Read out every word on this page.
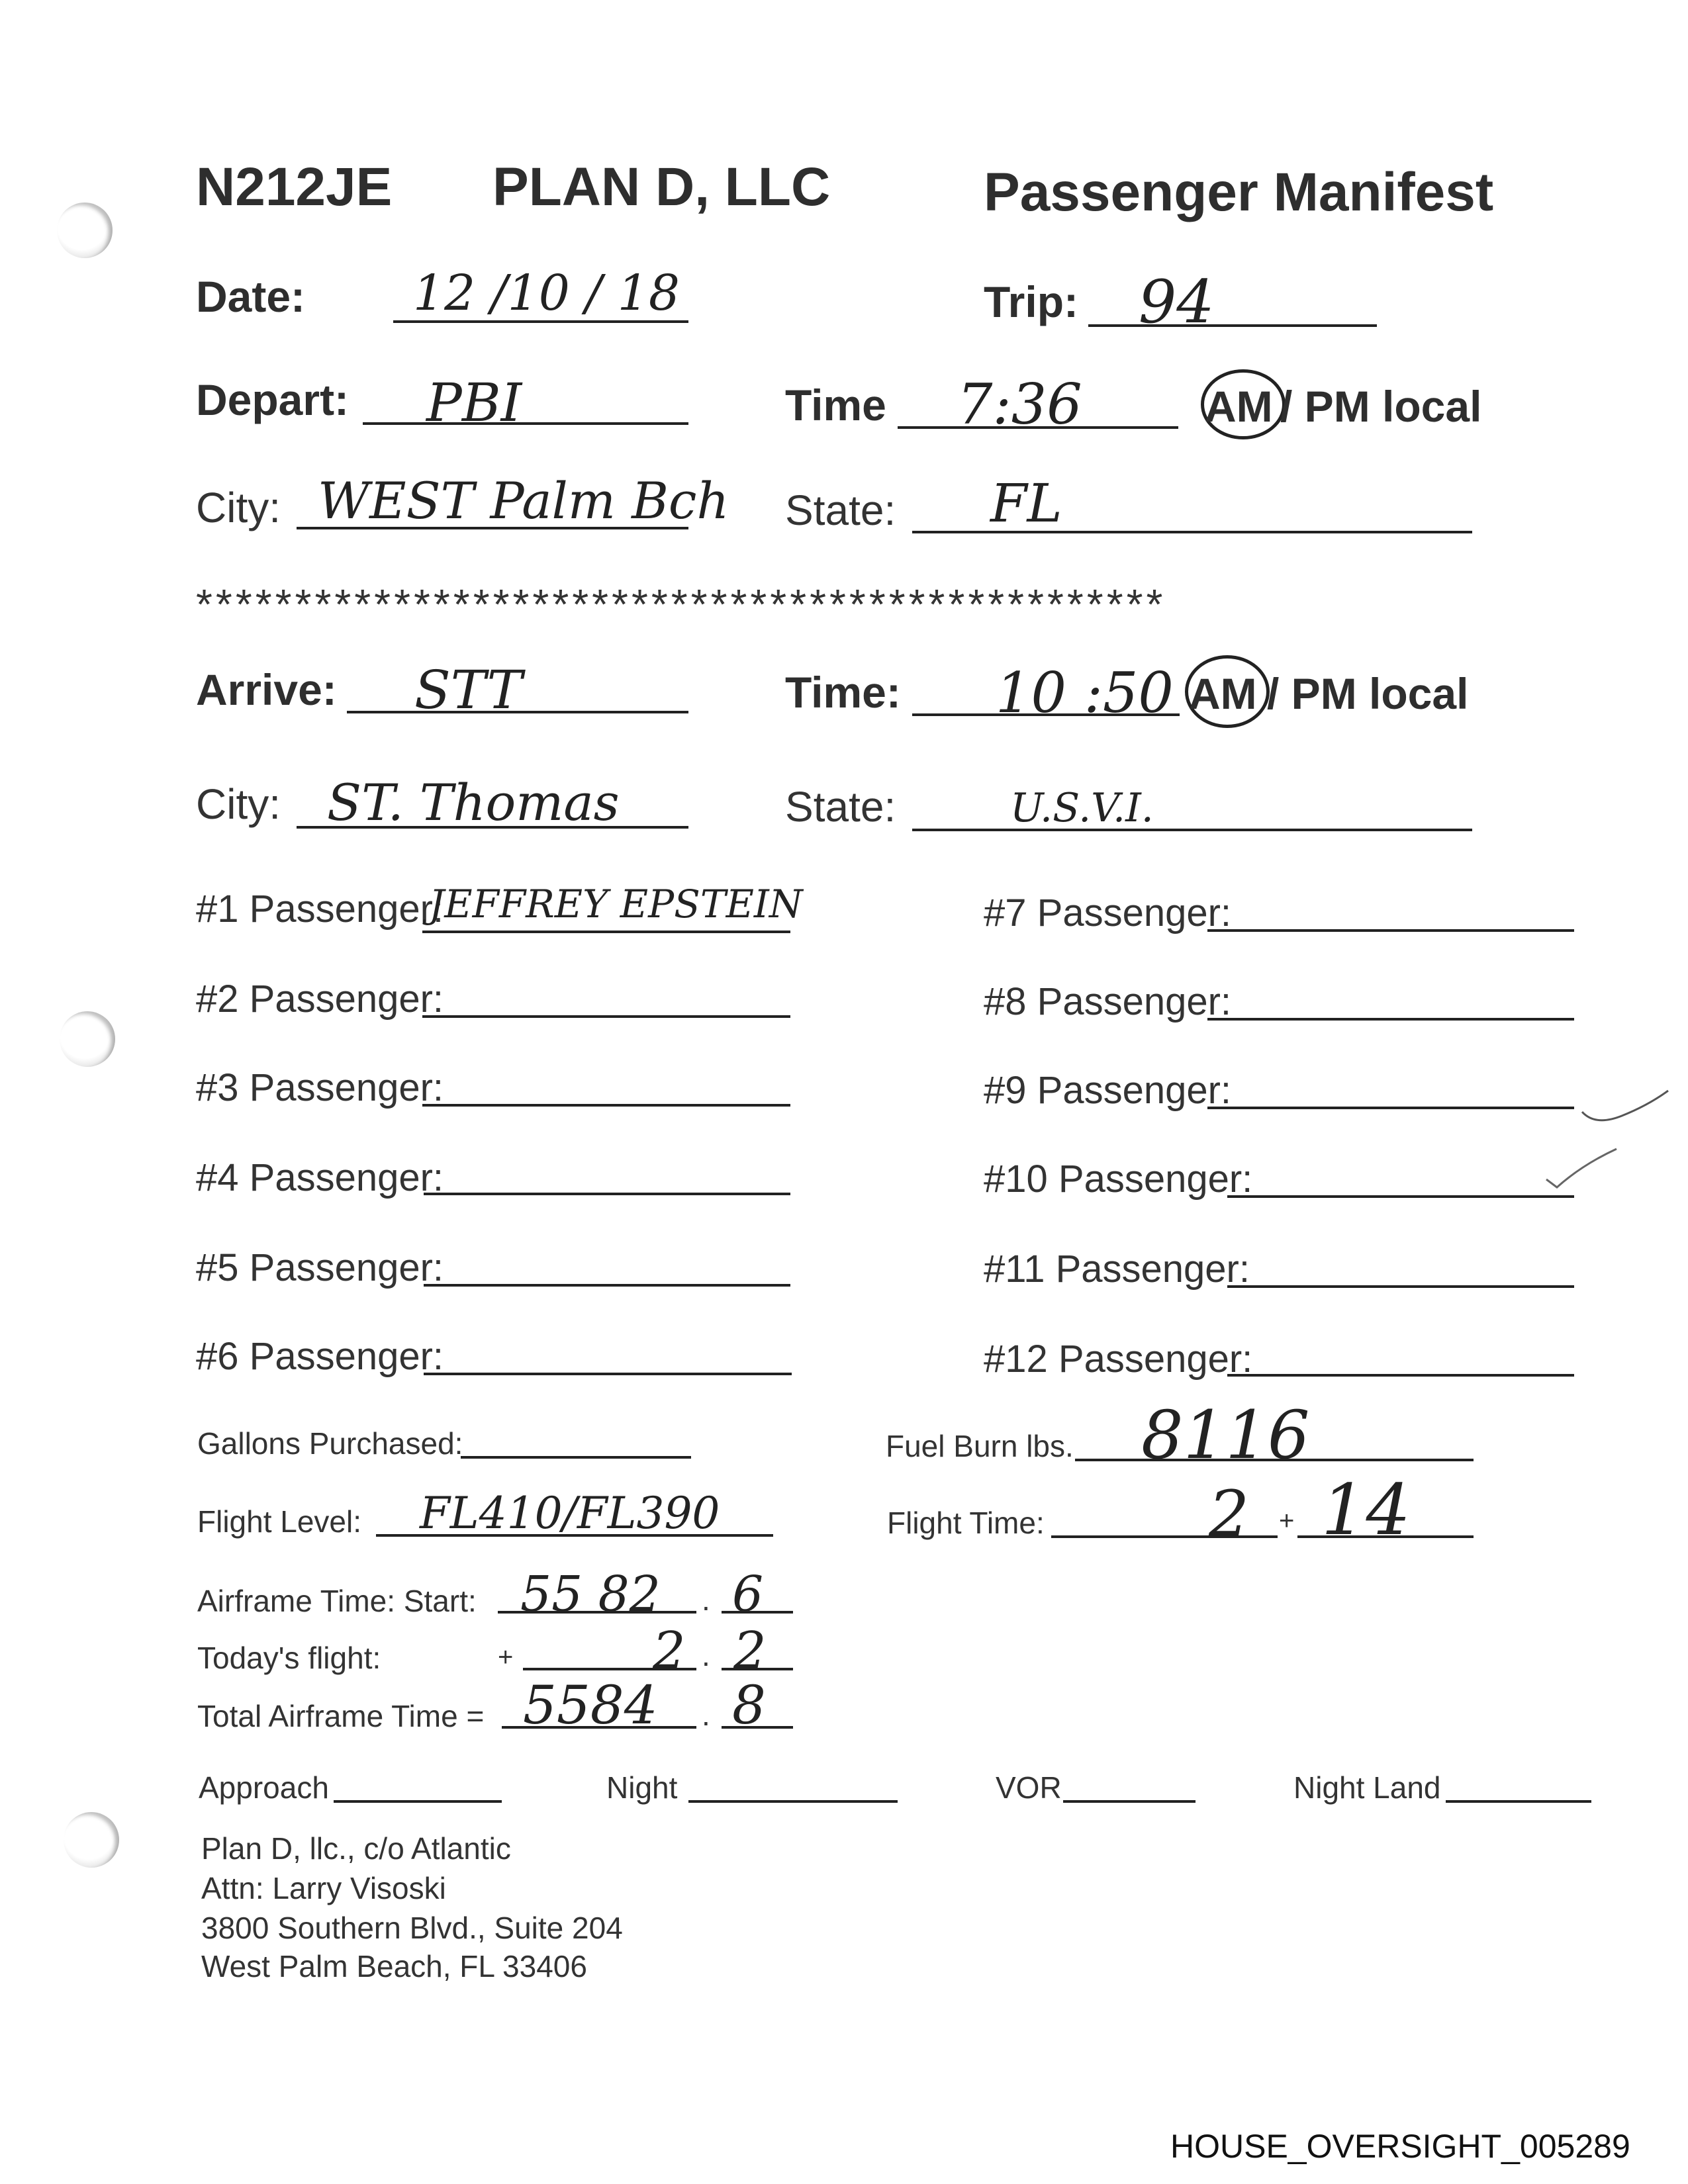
N212JE PLAN D, LLC	Passenger Manifest
Date: 12 /10 / 18	Trip: 94
Depart: PBI	Time 7:36	AM / PM local
City: WEST Palm Bch State: FL
*************************************************
Arrive: STT	Time: 10 :50 AM / PM local
City: ST. Thomas	State:	U.S.V.I.
#1 Passenger:
JEFFREY EPSTEIN
#2 Passenger:
#3 Passenger:
#4 Passenger:
#5 Passenger:
#6 Passenger:
#7 Passenger:
#8 Passenger:
#9 Passenger:
#10 Passenger:
#11 Passenger:
#12 Passenger:
Gallons Purchased:	Fuel Burn lbs. 8116
Flight Level: FL410/FL390	Flight Time:	2 + 14
Airframe Time: Start: 55 82 . 6
Today's flight:	+	2 . 2
Total Airframe Time = 5584 . 8
Approach	Night	VOR	Night Land
Plan D, llc., c/o Atlantic
Attn: Larry Visoski
3800 Southern Blvd., Suite 204
West Palm Beach, FL 33406
HOUSE_OVERSIGHT_005289
